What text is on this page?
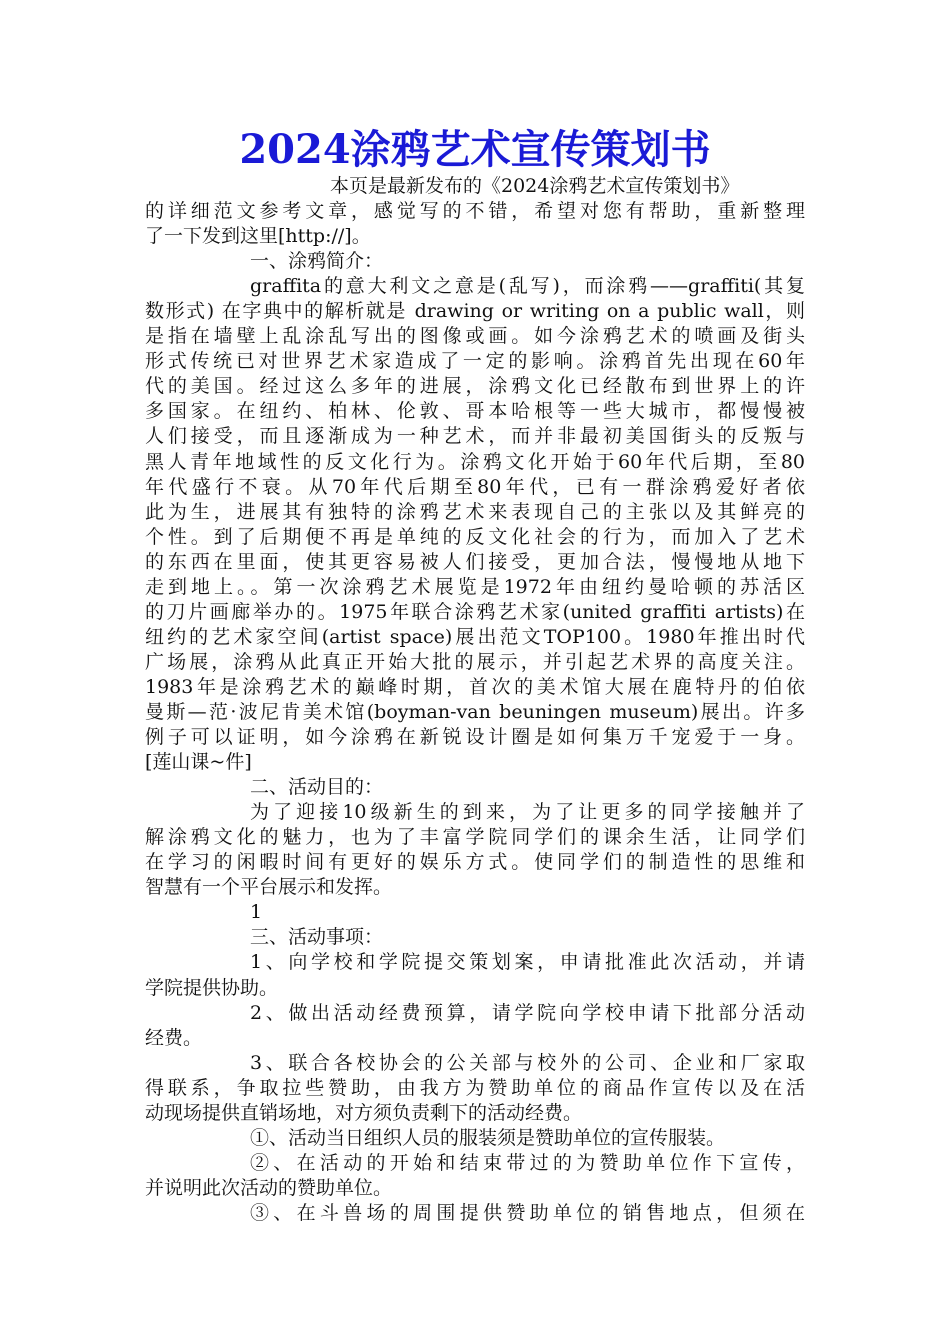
2024涂鸦艺术宣传策划书
本页是最新发布的《2024涂鸦艺术宣传策划书》
的详细范文参考文章，感觉写的不错，希望对您有帮助，重新整理
了一下发到这里[http://]。
一、涂鸦简介：
graffita的意大利文之意是(乱写)，而涂鸦——graffiti(其复
数形式) 在字典中的解析就是 drawing or writing on a public wall，则
是指在墙壁上乱涂乱写出的图像或画。如今涂鸦艺术的喷画及街头
形式传统已对世界艺术家造成了一定的影响。涂鸦首先出现在60年
代的美国。经过这么多年的进展，涂鸦文化已经散布到世界上的许
多国家。在纽约、柏林、伦敦、哥本哈根等一些大城市，都慢慢被
人们接受，而且逐渐成为一种艺术，而并非最初美国街头的反叛与
黑人青年地域性的反文化行为。涂鸦文化开始于60年代后期，至80
年代盛行不衰。从70年代后期至80年代，已有一群涂鸦爱好者依
此为生，进展其有独特的涂鸦艺术来表现自己的主张以及其鲜亮的
个性。到了后期便不再是单纯的反文化社会的行为，而加入了艺术
的东西在里面，使其更容易被人们接受，更加合法，慢慢地从地下
走到地上。。第一次涂鸦艺术展览是1972年由纽约曼哈顿的苏活区
的刀片画廊举办的。1975年联合涂鸦艺术家(united graffiti artists)在
纽约的艺术家空间(artist space)展出范文TOP100。1980年推出时代
广场展，涂鸦从此真正开始大批的展示，并引起艺术界的高度关注。
1983年是涂鸦艺术的巅峰时期，首次的美术馆大展在鹿特丹的伯依
曼斯—范·波尼肯美术馆(boyman-van beuningen museum)展出。许多
例子可以证明，如今涂鸦在新锐设计圈是如何集万千宠爱于一身。
[莲山课~件]
二、活动目的：
为了迎接10级新生的到来，为了让更多的同学接触并了
解涂鸦文化的魅力，也为了丰富学院同学们的课余生活，让同学们
在学习的闲暇时间有更好的娱乐方式。使同学们的制造性的思维和
智慧有一个平台展示和发挥。
1
三、活动事项：
1、向学校和学院提交策划案，申请批准此次活动，并请
学院提供协助。
2、做出活动经费预算，请学院向学校申请下批部分活动
经费。
3、联合各校协会的公关部与校外的公司、企业和厂家取
得联系，争取拉些赞助，由我方为赞助单位的商品作宣传以及在活
动现场提供直销场地，对方须负责剩下的活动经费。
①、活动当日组织人员的服装须是赞助单位的宣传服装。
②、在活动的开始和结束带过的为赞助单位作下宣传，
并说明此次活动的赞助单位。
③、在斗兽场的周围提供赞助单位的销售地点，但须在
